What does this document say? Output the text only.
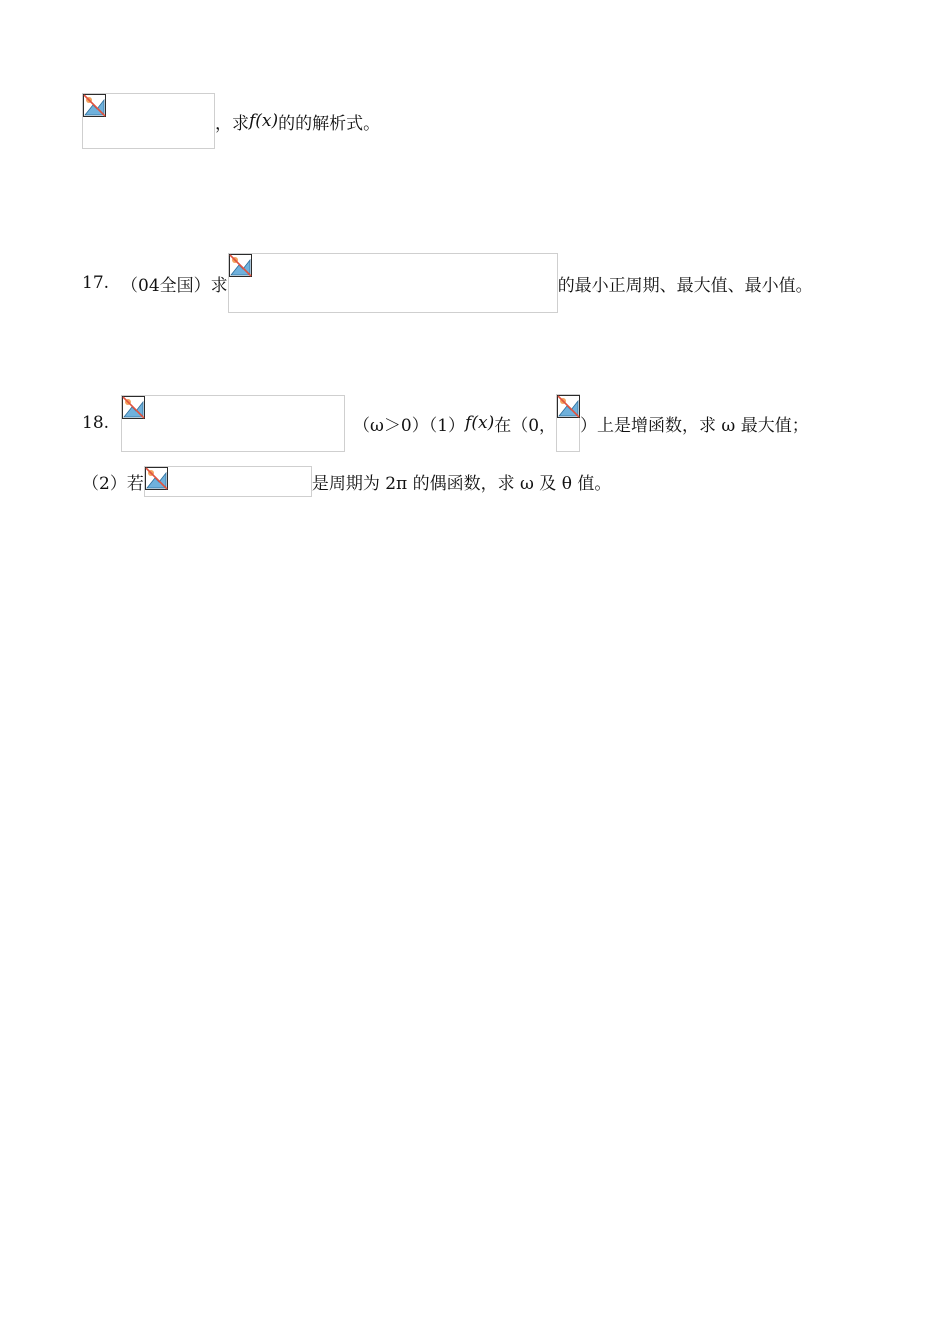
，求 f (x) 的的解析式。
17. （04全国）求	的最小正周期、最大值、最小值。
18.	（ω＞0）（1） f (x) 在（0， ）上是增函数，求 ω 最大值；
（2）若	是周期为 2π 的偶函数，求 ω 及 θ 值。
